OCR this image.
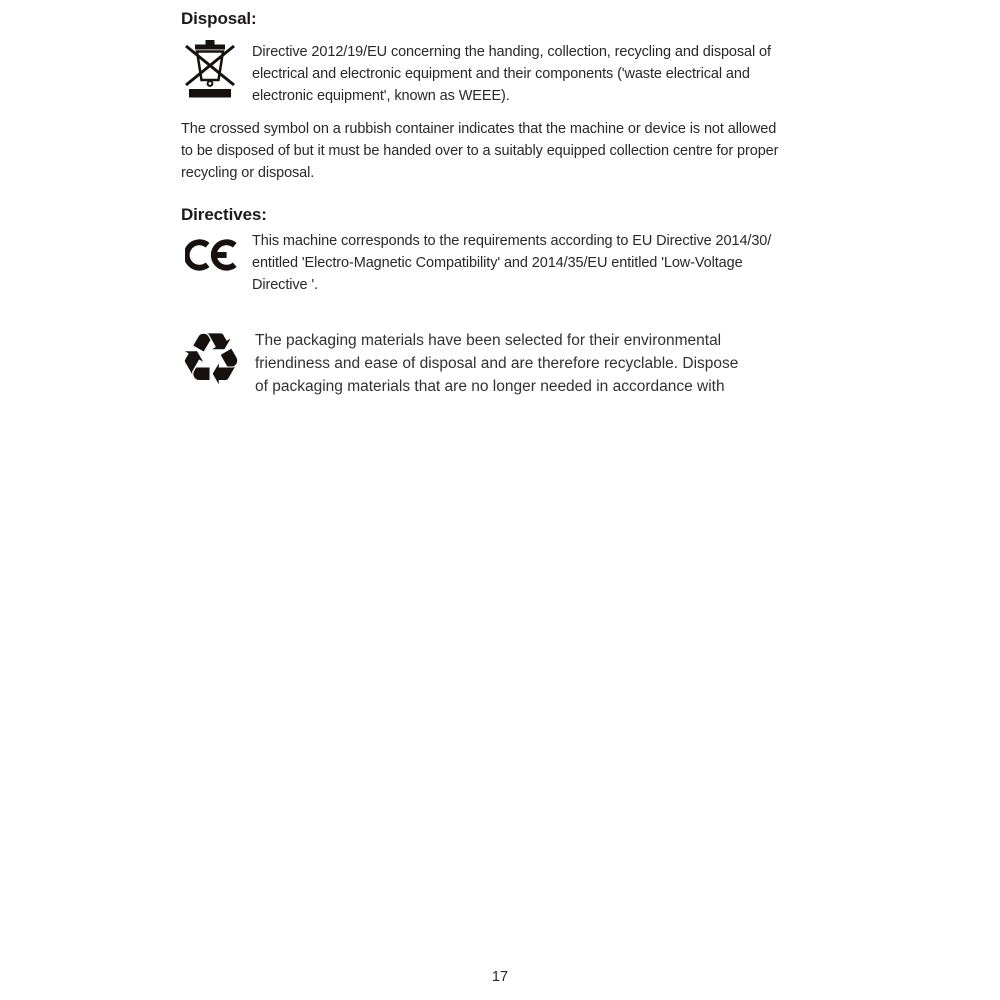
Disposal:
Directive 2012/19/EU concerning the handing, collection, recycling and disposal of
electrical and electronic equipment and their components ('waste electrical and
electronic equipment', known as WEEE).
The crossed symbol on a rubbish container indicates that the machine or device is not allowed
to be disposed of but it must be handed over to a suitably equipped collection centre for proper
recycling or disposal.
Directives:
This machine corresponds to the requirements according to EU Directive 2014/30/
entitled 'Electro-Magnetic Compatibility' and 2014/35/EU entitled 'Low-Voltage
Directive '.
♻ The packaging materials have been selected for their environmental
friendiness and ease of disposal and are therefore recyclable. Dispose
of packaging materials that are no longer needed in accordance with
17
